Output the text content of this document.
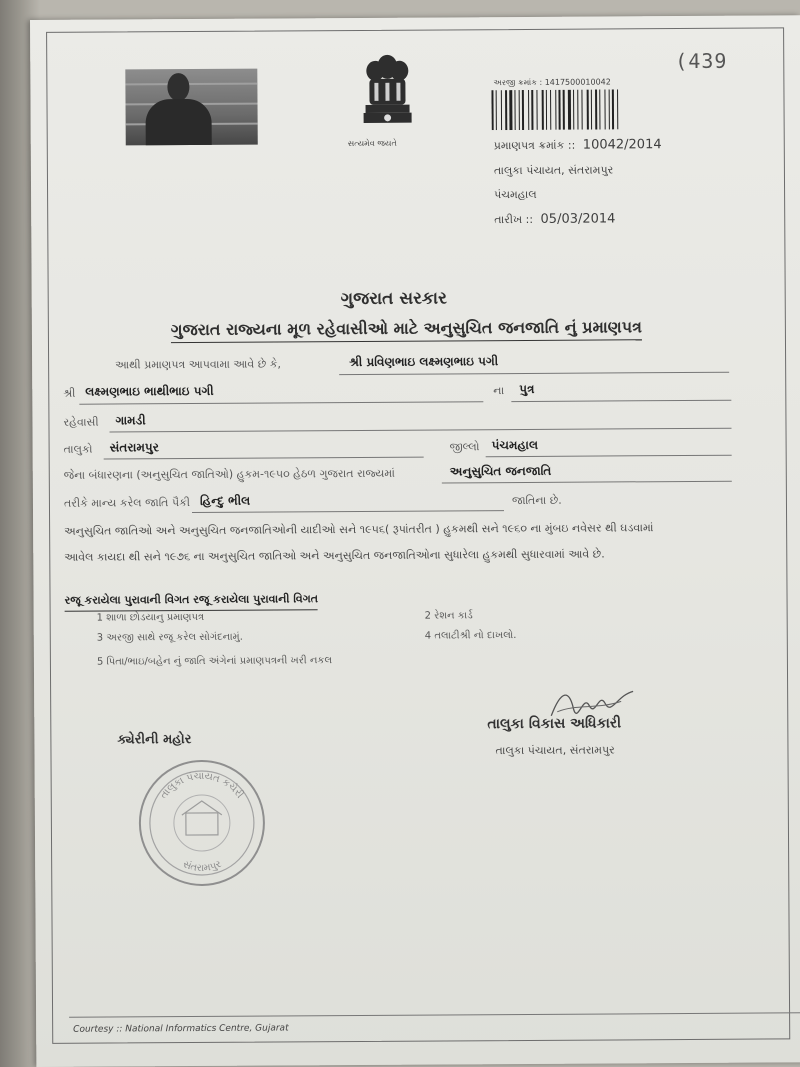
સત્યમેવ જયતે
(439
અરજી ક્રમાંક : 1417500010042
પ્રમાણપત્ર ક્રમાંક :: 10042/2014
તાલુકા પંચાયત, સંતરામપુર
પંચમહાલ
તારીખ :: 05/03/2014
ગુજરાત સરકાર
ગુજરાત રાજ્યના મૂળ રહેવાસીઓ માટે અનુસુચિત જનજાતિ નું પ્રમાણપત્ર
આથી પ્રમાણપત્ર આપવામા આવે છે કે,	શ્રી પ્રવિણભાઇ લક્ષ્મણભાઇ પગી
શ્રી લક્ષ્મણભાઇ ભાથીભાઇ પગી	ના પુત્ર
રહેવાસી ગામડી
તાલુકો સંતરામપુર	જીલ્લો પંચમહાલ
જેના બંધારણના (અનુસુચિત જાતિઓ) હુકમ-૧૯૫૦ હેઠળ ગુજરાત રાજ્યમાં	અનુસુચિત જનજાતિ
તરીકે માન્ય કરેલ જાતિ પૈકી હિન્દુ ભીલ	જાતિના છે.
અનુસુચિત જાતિઓ અને અનુસુચિત જનજાતિઓની યાદીઓ સને ૧૯૫૬( રૂપાંતરીત ) હુકમથી સને ૧૯૬૦ ના મુંબઇ નવેસર થી ઘડવામાં
આવેલ કાયદા થી સને ૧૯૭૬ ના અનુસુચિત જાતિઓ અને અનુસુચિત જનજાતિઓના સુધારેલા હુકમથી સુધારવામાં આવે છે.
રજૂ કરાયેલા પુરાવાની વિગત રજૂ કરાયેલા પુરાવાની વિગત
1 શાળા છોડયાનુ પ્રમાણપત્ર	2 રેશન કાર્ડ
3 અરજી સાથે રજૂ કરેલ સોગંદનામું.	4 તલાટીશ્રી નો દાખલો.
5 પિતા/ભાઇ/બહેન નું જાતિ અંગેનાં પ્રમાણપત્રની ખરી નકલ
તાલુકા વિકાસ અધિકારી
તાલુકા પંચાયત, સંતરામપુર
ક્યેરીની મહોર
તાલુકા પંચાયત કચેરી
સંતરામપુર
Courtesy :: National Informatics Centre, Gujarat
